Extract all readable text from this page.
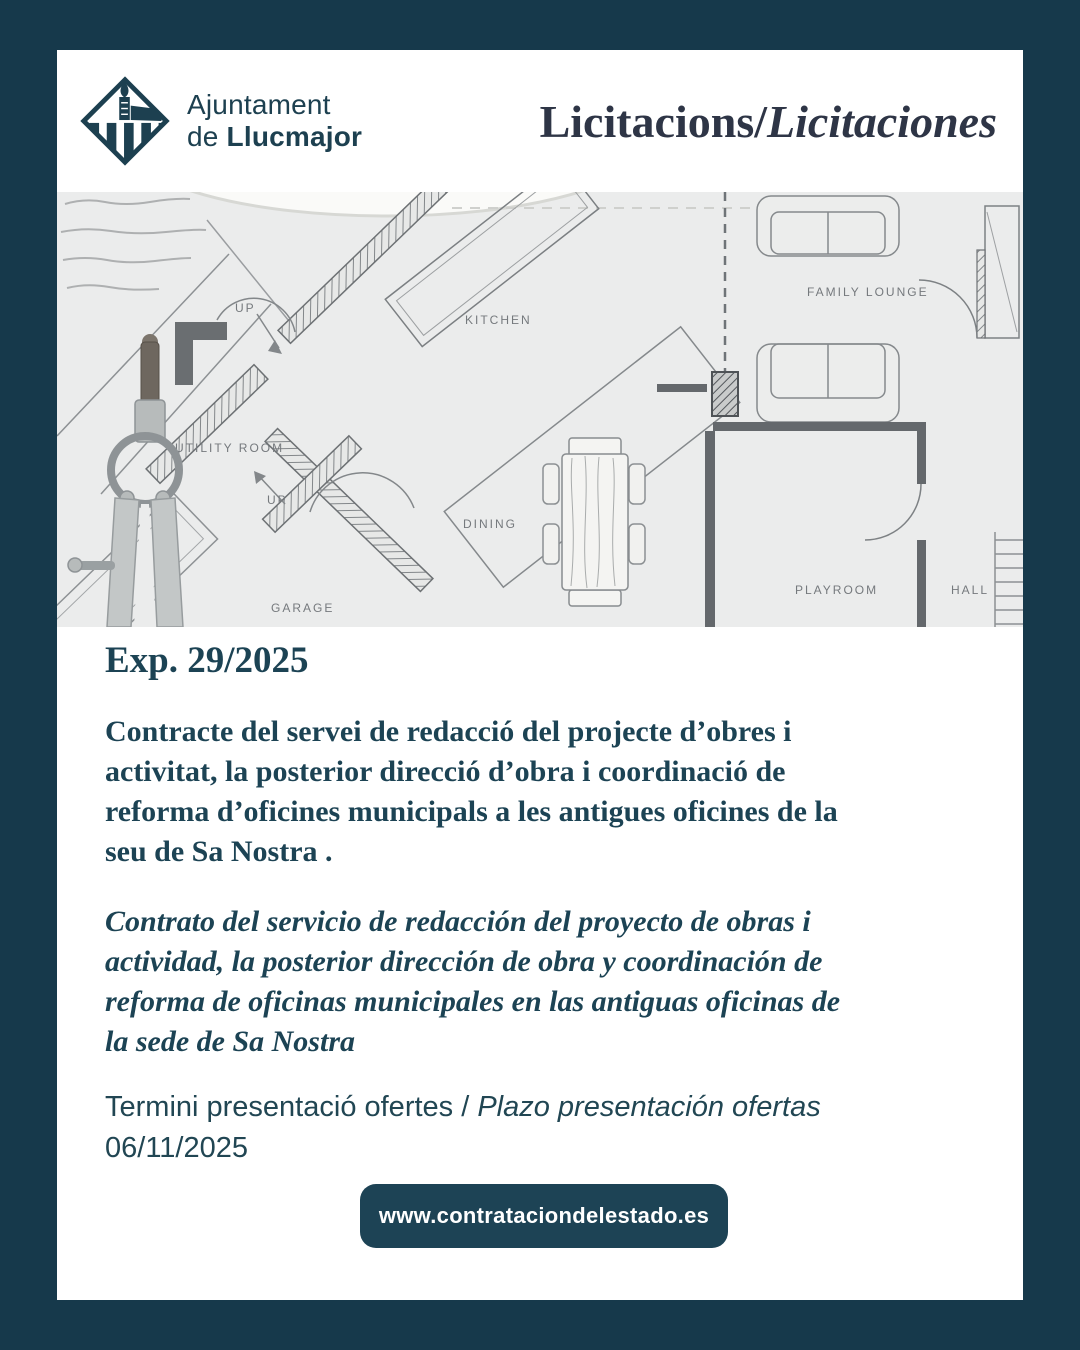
Ajuntament
de Llucmajor	Licitacions/Licitaciones
UP
UTILITY ROOM
UP
GARAGE
KITCHEN
DINING
FAMILY LOUNGE
PLAYROOM	HALL
Exp. 29/2025
Contracte del servei de redacció del projecte d’obres i
activitat, la posterior direcció d’obra i coordinació de
reforma d’oficines municipals a les antigues oficines de la
seu de Sa Nostra .
Contrato del servicio de redacción del proyecto de obras i
actividad, la posterior dirección de obra y coordinación de
reforma de oficinas municipales en las antiguas oficinas de
la sede de Sa Nostra
Termini presentació ofertes / Plazo presentación ofertas
06/11/2025
www.contrataciondelestado.es
